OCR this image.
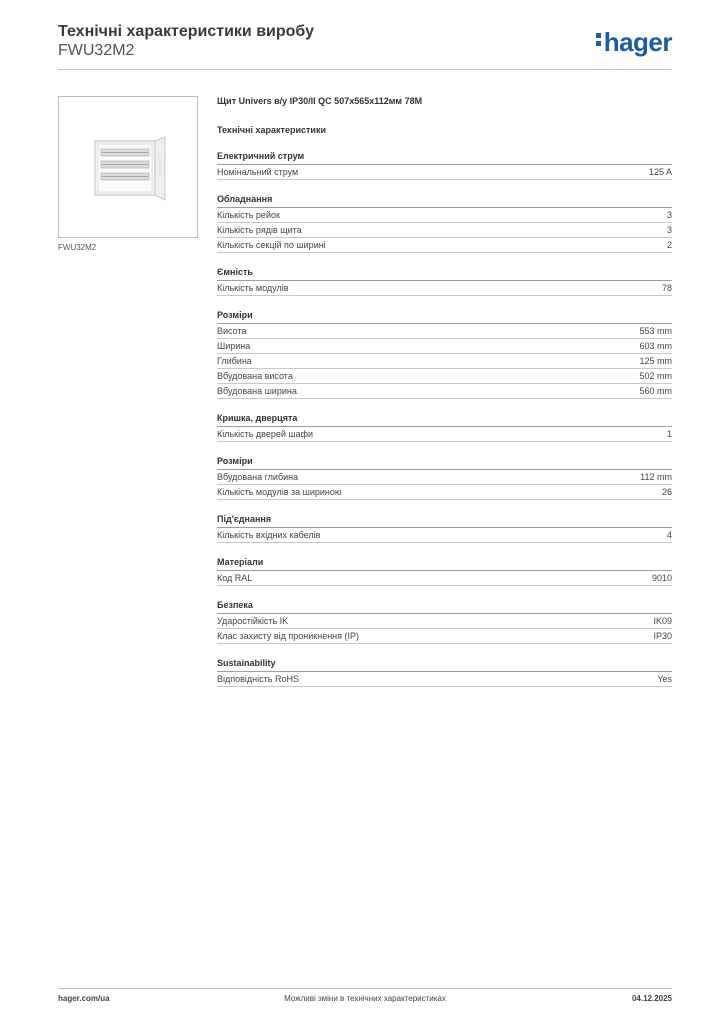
Технічні характеристики виробу
FWU32M2	hager
FWU32M2
Щит Univers в/у IP30/II QC 507x565x112мм 78М
Технічні характеристики
Електричний струм
Номінальний струм	125 A
Обладнання
Кількість рейок	3
Кількість рядів щита	3
Кількість секцій по ширині	2
Ємність
Кількість модулів	78
Розміри
Висота	553 mm
Ширина	603 mm
Глибина	125 mm
Вбудована висота	502 mm
Вбудована ширина	560 mm
Кришка, дверцята
Кількість дверей шафи	1
Розміри
Вбудована глибина	112 mm
Кількість модулів за шириною	26
Під'єднання
Кількість вхідних кабелів	4
Матеріали
Код RAL	9010
Безпека
Ударостійкість IK	IK09
Клас захисту від проникнення (IP)	IP30
Sustainability
Відповідність RoHS	Yes
hager.com/ua	Можливі зміни в технічних характеристиках	04.12.2025
